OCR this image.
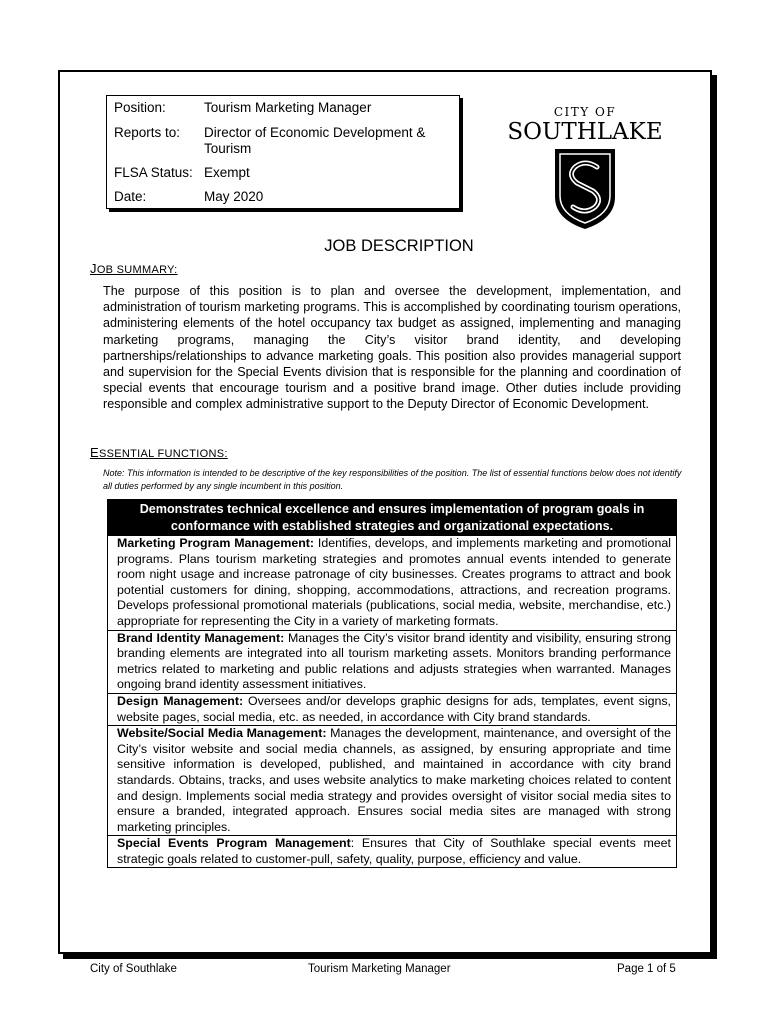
Position:	Tourism Marketing Manager
Reports to:	Director of Economic Development & Tourism
FLSA Status: Exempt
Date:	May 2020
CITY OF
SOUTHLAKE
JOB DESCRIPTION
JOB SUMMARY:
The purpose of this position is to plan and oversee the development, implementation, and administration of tourism marketing programs. This is accomplished by coordinating tourism operations, administering elements of the hotel occupancy tax budget as assigned, implementing and managing marketing programs, managing the City’s visitor brand identity, and developing partnerships/relationships to advance marketing goals. This position also provides managerial support and supervision for the Special Events division that is responsible for the planning and coordination of special events that encourage tourism and a positive brand image. Other duties include providing responsible and complex administrative support to the Deputy Director of Economic Development.
ESSENTIAL FUNCTIONS:
Note: This information is intended to be descriptive of the key responsibilities of the position. The list of essential functions below does not identify all duties performed by any single incumbent in this position.
Demonstrates technical excellence and ensures implementation of program goals in conformance with established strategies and organizational expectations.
Marketing Program Management: Identifies, develops, and implements marketing and promotional programs. Plans tourism marketing strategies and promotes annual events intended to generate room night usage and increase patronage of city businesses. Creates programs to attract and book potential customers for dining, shopping, accommodations, attractions, and recreation programs. Develops professional promotional materials (publications, social media, website, merchandise, etc.) appropriate for representing the City in a variety of marketing formats.
Brand Identity Management: Manages the City’s visitor brand identity and visibility, ensuring strong branding elements are integrated into all tourism marketing assets. Monitors branding performance metrics related to marketing and public relations and adjusts strategies when warranted. Manages ongoing brand identity assessment initiatives.
Design Management: Oversees and/or develops graphic designs for ads, templates, event signs, website pages, social media, etc. as needed, in accordance with City brand standards.
Website/Social Media Management: Manages the development, maintenance, and oversight of the City’s visitor website and social media channels, as assigned, by ensuring appropriate and time sensitive information is developed, published, and maintained in accordance with city brand standards. Obtains, tracks, and uses website analytics to make marketing choices related to content and design. Implements social media strategy and provides oversight of visitor social media sites to ensure a branded, integrated approach. Ensures social media sites are managed with strong marketing principles.
Special Events Program Management: Ensures that City of Southlake special events meet strategic goals related to customer-pull, safety, quality, purpose, efficiency and value.
City of Southlake	Tourism Marketing Manager	Page 1 of 5
